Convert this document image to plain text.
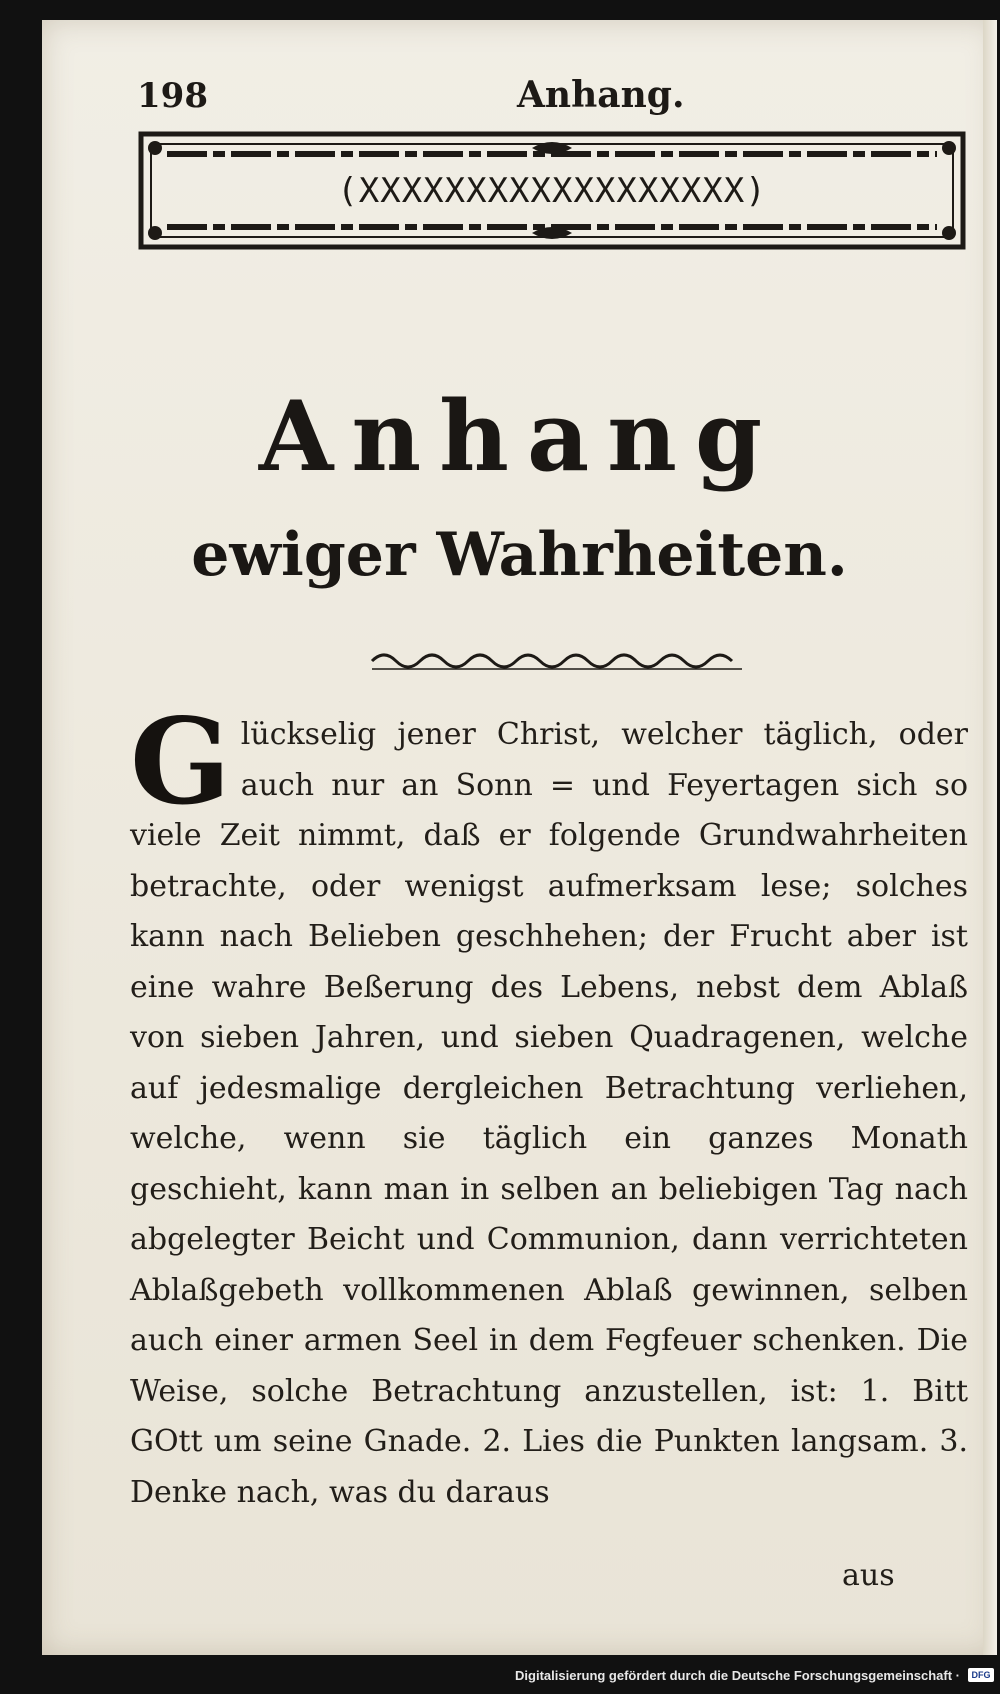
198	Anhang.
(XXXXXXXXXXXXXXXXXX)
Anhang
ewiger Wahrheiten.
Glückselig jener Christ, welcher täglich, oder auch nur an Sonn = und Feyertagen sich so viele Zeit nimmt, daß er folgende Grundwahrheiten betrachte, oder wenigst aufmerksam lese; solches kann nach Belieben geschhehen; der Frucht aber ist eine wahre Beßerung des Lebens, nebst dem Ablaß von sieben Jahren, und sieben Quadragenen, welche auf jedesmalige dergleichen Betrachtung verliehen, welche, wenn sie täglich ein ganzes Monath geschieht, kann man in selben an beliebigen Tag nach abgelegter Beicht und Communion, dann verrichteten Ablaßgebeth vollkommenen Ablaß gewinnen, selben auch einer armen Seel in dem Fegfeuer schenken. Die Weise, solche Betrachtung anzustellen, ist: 1. Bitt GOtt um seine Gnade. 2. Lies die Punkten langsam. 3. Denke nach, was du daraus
aus
Digitalisierung gefördert durch die Deutsche Forschungsgemeinschaft ·	DFG
